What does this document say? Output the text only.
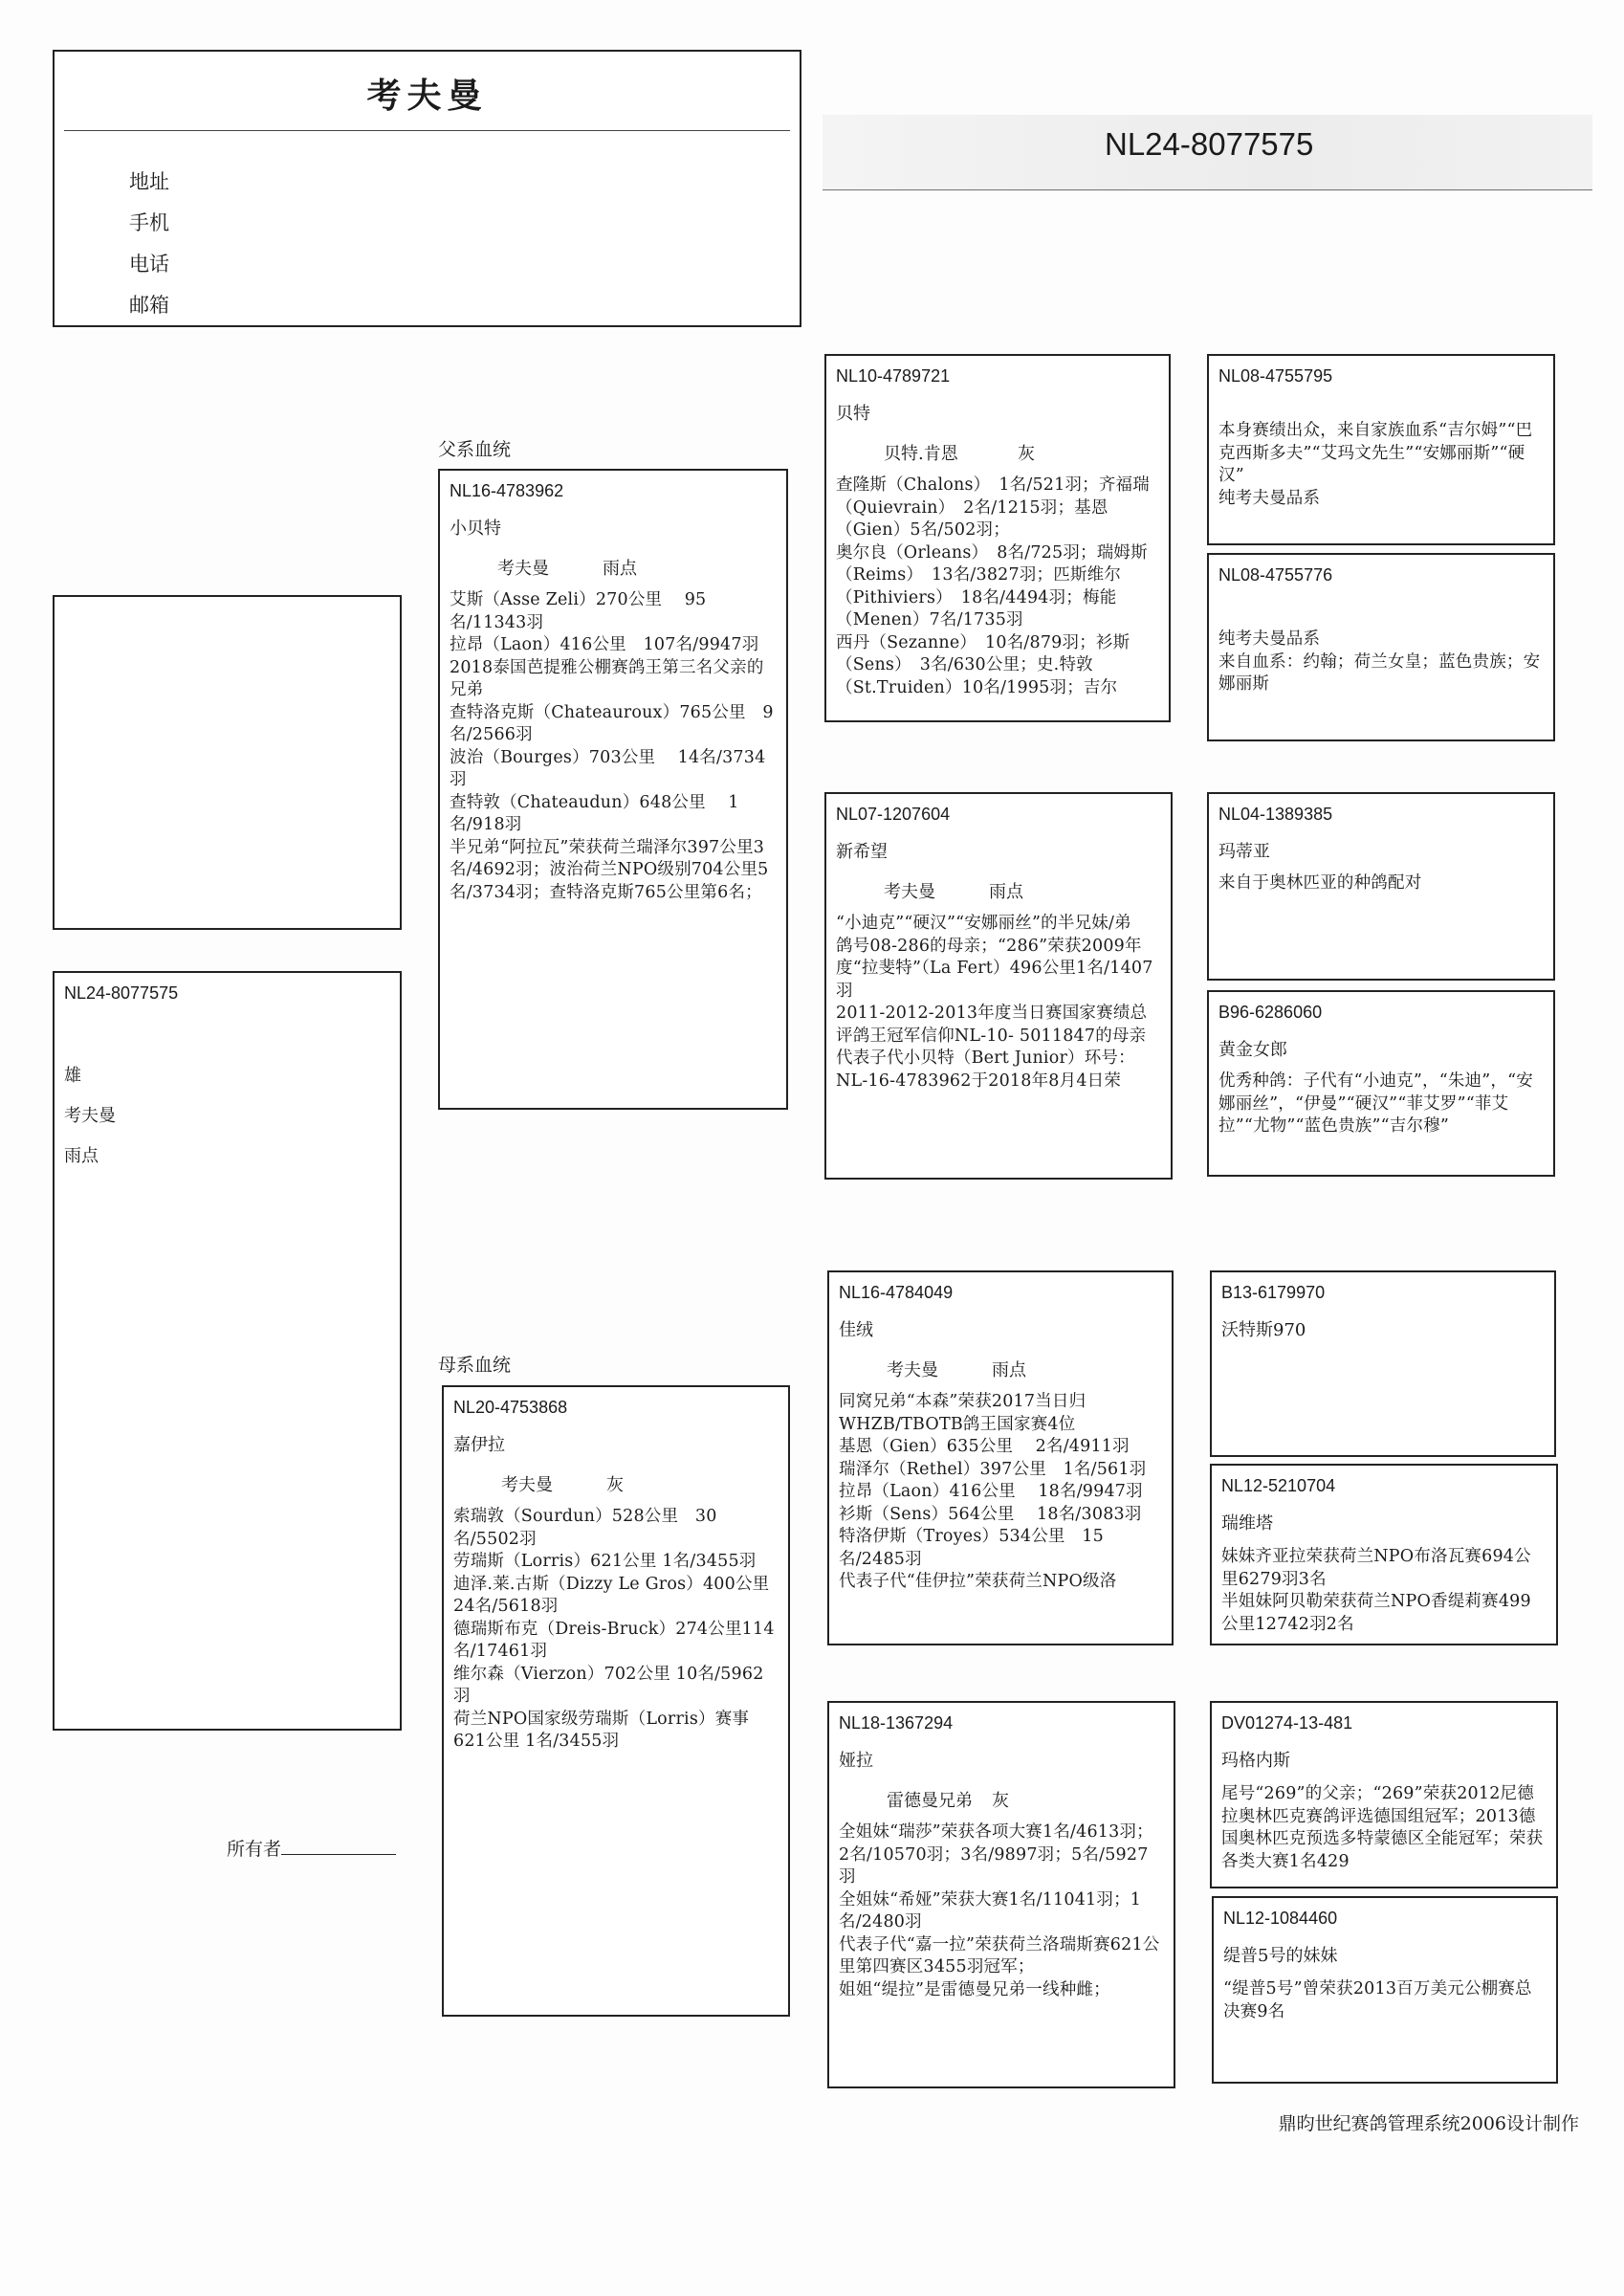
考夫曼
地址
手机
电话
邮箱
NL24-8077575
NL24-8077575
雄
考夫曼
雨点
所有者
父系血统
母系血统
NL16-4783962
小贝特
考夫曼	雨点
艾斯（Asse Zeli）270公里　 95名/11343羽
拉昂（Laon）416公里　107名/9947羽
2018泰国芭提雅公棚赛鸽王第三名父亲的兄弟
查特洛克斯（Chateauroux）765公里　9名/2566羽
波治（Bourges）703公里　 14名/3734羽
查特敦（Chateaudun）648公里　 1名/918羽
半兄弟“阿拉瓦”荣获荷兰瑞泽尔397公里3名/4692羽；波治荷兰NPO级别704公里5名/3734羽；查特洛克斯765公里第6名；
NL20-4753868
嘉伊拉
考夫曼	灰
索瑞敦（Sourdun）528公里　30名/5502羽
劳瑞斯（Lorris）621公里 1名/3455羽
迪泽.莱.古斯（Dizzy Le Gros）400公里 24名/5618羽
德瑞斯布克（Dreis-Bruck）274公里114名/17461羽
维尔森（Vierzon）702公里 10名/5962羽
荷兰NPO国家级劳瑞斯（Lorris）赛事621公里 1名/3455羽
NL10-4789721
贝特
贝特.肯恩	灰
查隆斯（Chalons）　1名/521羽；齐福瑞（Quievrain）　2名/1215羽；基恩（Gien）5名/502羽；
奥尔良（Orleans）　8名/725羽；瑞姆斯（Reims）　13名/3827羽；匹斯维尔（Pithiviers）　18名/4494羽；梅能（Menen）7名/1735羽
西丹（Sezanne）　10名/879羽；衫斯（Sens）　3名/630公里；史.特敦（St.Truiden）10名/1995羽；吉尔
NL07-1207604
新希望
考夫曼	雨点
“小迪克”“硬汉”“安娜丽丝”的半兄妹/弟
鸽号08-286的母亲；“286”荣获2009年度“拉斐特”（La Fert）496公里1名/1407羽
2011-2012-2013年度当日赛国家赛绩总评鸽王冠军信仰NL-10- 5011847的母亲
代表子代小贝特（Bert Junior）环号：NL-16-4783962于2018年8月4日荣
NL16-4784049
佳绒
考夫曼	雨点
同窝兄弟“本森”荣获2017当日归WHZB/TBOTB鸽王国家赛4位
基恩（Gien）635公里　 2名/4911羽
瑞泽尔（Rethel）397公里　1名/561羽
拉昂（Laon）416公里　 18名/9947羽
衫斯（Sens）564公里　 18名/3083羽
特洛伊斯（Troyes）534公里　15名/2485羽
代表子代“佳伊拉”荣获荷兰NPO级洛
NL18-1367294
娅拉
雷德曼兄弟 灰
全姐妹“瑞莎”荣获各项大赛1名/4613羽；2名/10570羽；3名/9897羽；5名/5927羽
全姐妹“希娅”荣获大赛1名/11041羽；1名/2480羽
代表子代“嘉一拉”荣获荷兰洛瑞斯赛621公里第四赛区3455羽冠军；
姐姐“缇拉”是雷德曼兄弟一线种雌；
NL08-4755795
本身赛绩出众，来自家族血系“吉尔姆”“巴克西斯多夫”“艾玛文先生”“安娜丽斯”“硬汉”
纯考夫曼品系
NL08-4755776
纯考夫曼品系
来自血系：约翰；荷兰女皇；蓝色贵族；安娜丽斯
NL04-1389385
玛蒂亚
来自于奥林匹亚的种鸽配对
B96-6286060
黄金女郎
优秀种鸽：子代有“小迪克”，“朱迪”，“安娜丽丝”，“伊曼”“硬汉”“菲艾罗”“菲艾拉”“尤物”“蓝色贵族”“吉尔穆”
B13-6179970
沃特斯970
NL12-5210704
瑞维塔
妹妹齐亚拉荣获荷兰NPO布洛瓦赛694公里6279羽3名
半姐妹阿贝勒荣获荷兰NPO香缇莉赛499公里12742羽2名
DV01274-13-481
玛格内斯
尾号“269”的父亲；“269”荣获2012尼德拉奥林匹克赛鸽评选德国组冠军；2013德国奥林匹克预选多特蒙德区全能冠军；荣获各类大赛1名429
NL12-1084460
缇普5号的妹妹
“缇普5号”曾荣获2013百万美元公棚赛总决赛9名
鼎昀世纪赛鸽管理系统2006设计制作
